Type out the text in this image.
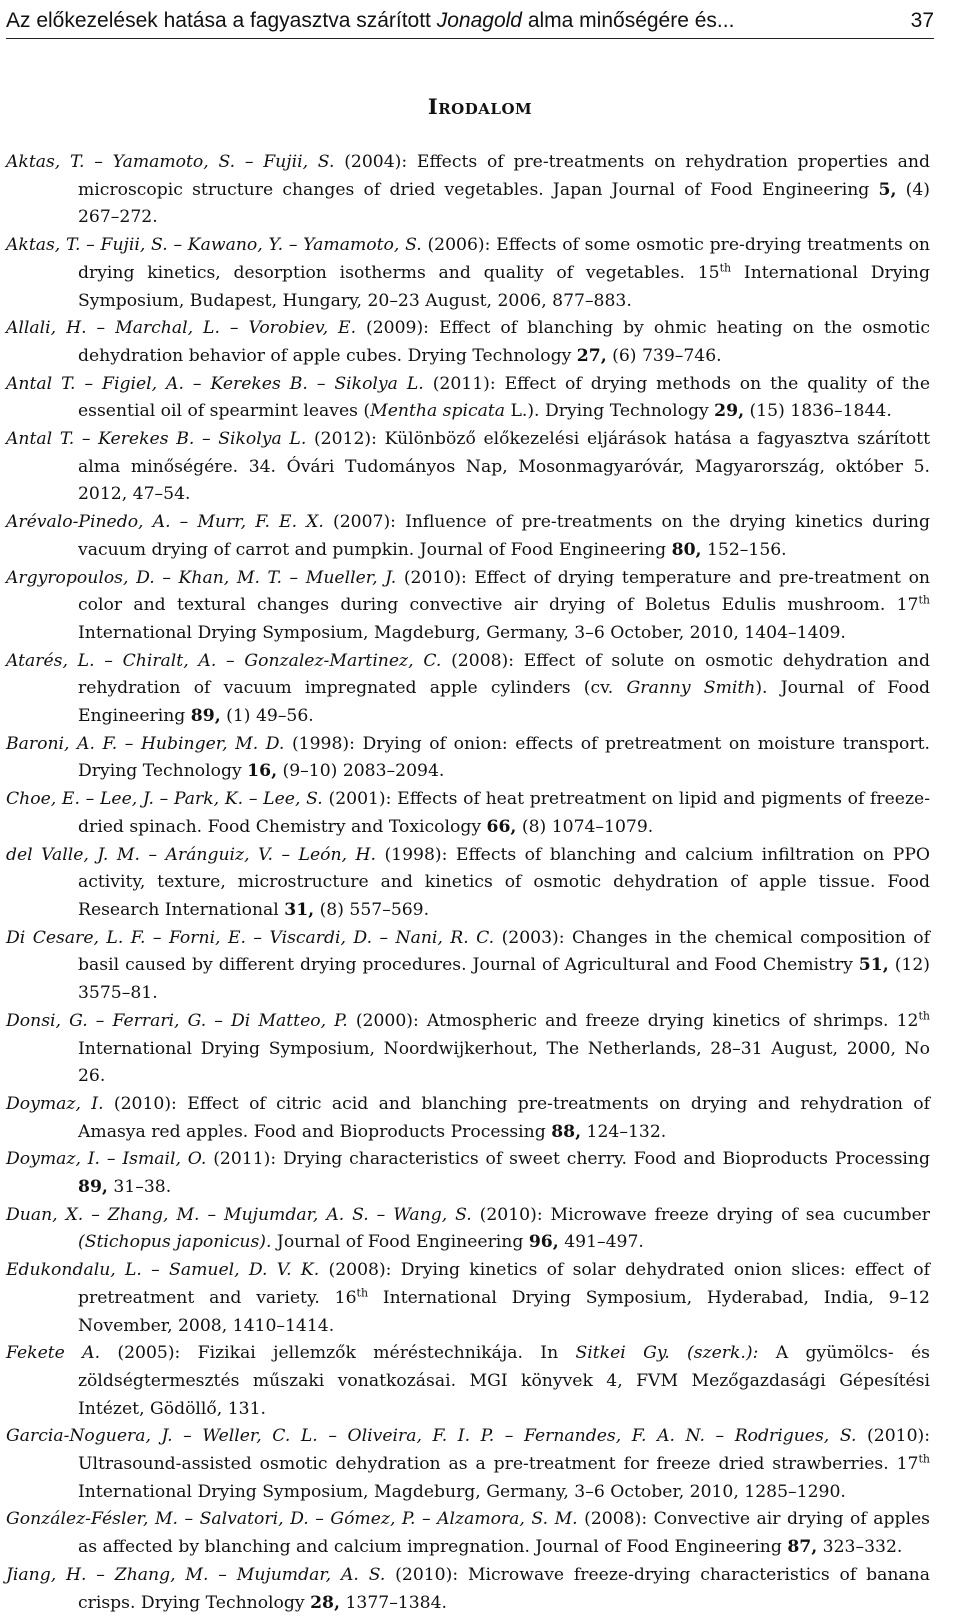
Az előkezelések hatása a fagyasztva szárított Jonagold alma minőségére és...	37
Irodalom

Aktas, T. – Yamamoto, S. – Fujii, S. (2004): Effects of pre-treatments on rehydration properties and microscopic structure changes of dried vegetables. Japan Journal of Food Engineering 5, (4) 267–272.

Aktas, T. – Fujii, S. – Kawano, Y. – Yamamoto, S. (2006): Effects of some osmotic pre-drying treatments on drying kinetics, desorption isotherms and quality of vegetables. 15th International Drying Symposium, Budapest, Hungary, 20–23 August, 2006, 877–883.

Allali, H. – Marchal, L. – Vorobiev, E. (2009): Effect of blanching by ohmic heating on the osmotic dehydration behavior of apple cubes. Drying Technology 27, (6) 739–746.

Antal T. – Figiel, A. – Kerekes B. – Sikolya L. (2011): Effect of drying methods on the quality of the essential oil of spearmint leaves (Mentha spicata L.). Drying Technology 29, (15) 1836–1844.

Antal T. – Kerekes B. – Sikolya L. (2012): Különböző előkezelési eljárások hatása a fagyasztva szárított alma minőségére. 34. Óvári Tudományos Nap, Mosonmagyaróvár, Magyarország, október 5. 2012, 47–54.

Arévalo-Pinedo, A. – Murr, F. E. X. (2007): Influence of pre-treatments on the drying kinetics during vacuum drying of carrot and pumpkin. Journal of Food Engineering 80, 152–156.

Argyropoulos, D. – Khan, M. T. – Mueller, J. (2010): Effect of drying temperature and pre-treatment on color and textural changes during convective air drying of Boletus Edulis mushroom. 17th International Drying Symposium, Magdeburg, Germany, 3–6 October, 2010, 1404–1409.

Atarés, L. – Chiralt, A. – Gonzalez-Martinez, C. (2008): Effect of solute on osmotic dehydration and rehydration of vacuum impregnated apple cylinders (cv. Granny Smith). Journal of Food Engineering 89, (1) 49–56.

Baroni, A. F. – Hubinger, M. D. (1998): Drying of onion: effects of pretreatment on moisture transport. Drying Technology 16, (9–10) 2083–2094.

Choe, E. – Lee, J. – Park, K. – Lee, S. (2001): Effects of heat pretreatment on lipid and pigments of freeze-dried spinach. Food Chemistry and Toxicology 66, (8) 1074–1079.

del Valle, J. M. – Aránguiz, V. – León, H. (1998): Effects of blanching and calcium infiltration on PPO activity, texture, microstructure and kinetics of osmotic dehydration of apple tissue. Food Research International 31, (8) 557–569.

Di Cesare, L. F. – Forni, E. – Viscardi, D. – Nani, R. C. (2003): Changes in the chemical composition of basil caused by different drying procedures. Journal of Agricultural and Food Chemistry 51, (12) 3575–81.

Donsi, G. – Ferrari, G. – Di Matteo, P. (2000): Atmospheric and freeze drying kinetics of shrimps. 12th International Drying Symposium, Noordwijkerhout, The Netherlands, 28–31 August, 2000, No 26.

Doymaz, I. (2010): Effect of citric acid and blanching pre-treatments on drying and rehydration of Amasya red apples. Food and Bioproducts Processing 88, 124–132.

Doymaz, I. – Ismail, O. (2011): Drying characteristics of sweet cherry. Food and Bioproducts Processing 89, 31–38.

Duan, X. – Zhang, M. – Mujumdar, A. S. – Wang, S. (2010): Microwave freeze drying of sea cucumber (Stichopus japonicus). Journal of Food Engineering 96, 491–497.

Edukondalu, L. – Samuel, D. V. K. (2008): Drying kinetics of solar dehydrated onion slices: effect of pretreatment and variety. 16th International Drying Symposium, Hyderabad, India, 9–12 November, 2008, 1410–1414.

Fekete A. (2005): Fizikai jellemzők méréstechnikája. In Sitkei Gy. (szerk.): A gyümölcs- és zöldségtermesztés műszaki vonatkozásai. MGI könyvek 4, FVM Mezőgazdasági Gépesítési Intézet, Gödöllő, 131.

Garcia-Noguera, J. – Weller, C. L. – Oliveira, F. I. P. – Fernandes, F. A. N. – Rodrigues, S. (2010): Ultrasound-assisted osmotic dehydration as a pre-treatment for freeze dried strawberries. 17th International Drying Symposium, Magdeburg, Germany, 3–6 October, 2010, 1285–1290.

González-Fésler, M. – Salvatori, D. – Gómez, P. – Alzamora, S. M. (2008): Convective air drying of apples as affected by blanching and calcium impregnation. Journal of Food Engineering 87, 323–332.

Jiang, H. – Zhang, M. – Mujumdar, A. S. (2010): Microwave freeze-drying characteristics of banana crisps. Drying Technology 28, 1377–1384.
